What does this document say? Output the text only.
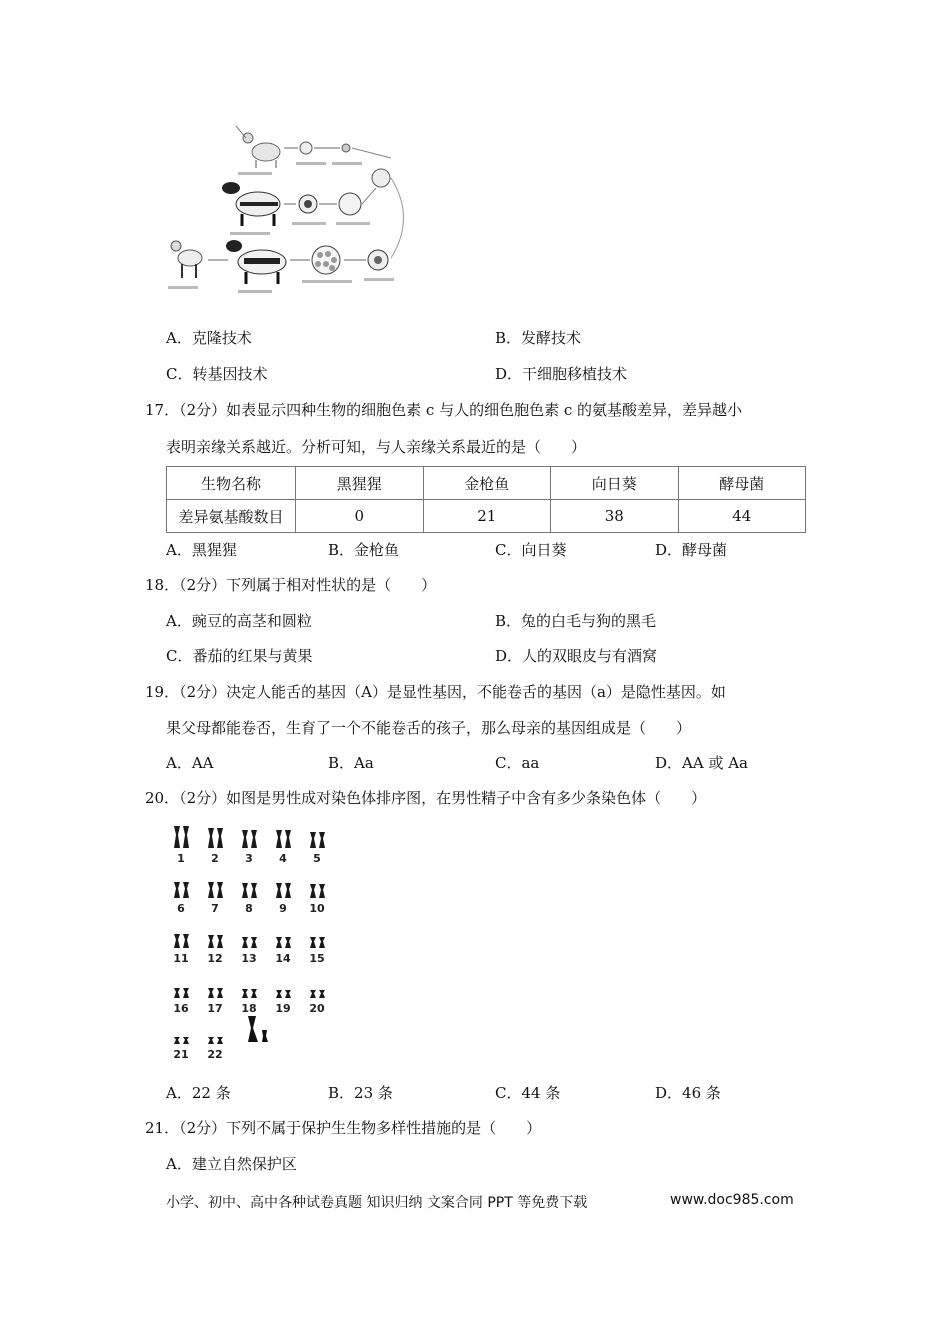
A．克隆技术	B．发酵技术
C．转基因技术	D．干细胞移植技术
17．（2分）如表显示四种生物的细胞色素 c 与人的细色胞色素 c 的氨基酸差异，差异越小
表明亲缘关系越近。分析可知，与人亲缘关系最近的是（　　）
生物名称	黑猩猩	金枪鱼	向日葵	酵母菌
差异氨基酸数目	0	21	38	44
A．黑猩猩	B．金枪鱼	C．向日葵	D．酵母菌
18．（2分）下列属于相对性状的是（　　）
A．豌豆的高茎和圆粒	B．兔的白毛与狗的黑毛
C．番茄的红果与黄果	D．人的双眼皮与有酒窝
19．（2分）决定人能舌的基因（A）是显性基因，不能卷舌的基因（a）是隐性基因。如
果父母都能卷否，生育了一个不能卷舌的孩子，那么母亲的基因组成是（　　）
A．AA	B．Aa	C．aa	D．AA 或 Aa
20．（2分）如图是男性成对染色体排序图，在男性精子中含有多少条染色体（　　）
1 2 3 4 5
6 7 8 9 10
11 12 13 14 15
16 17 18 19 20
21 22
A．22 条	B．23 条	C．44 条	D．46 条
21．（2分）下列不属于保护生生物多样性措施的是（　　）
A．建立自然保护区
小学、初中、高中各种试卷真题 知识归纳 文案合同 PPT 等免费下载	www.doc985.com
